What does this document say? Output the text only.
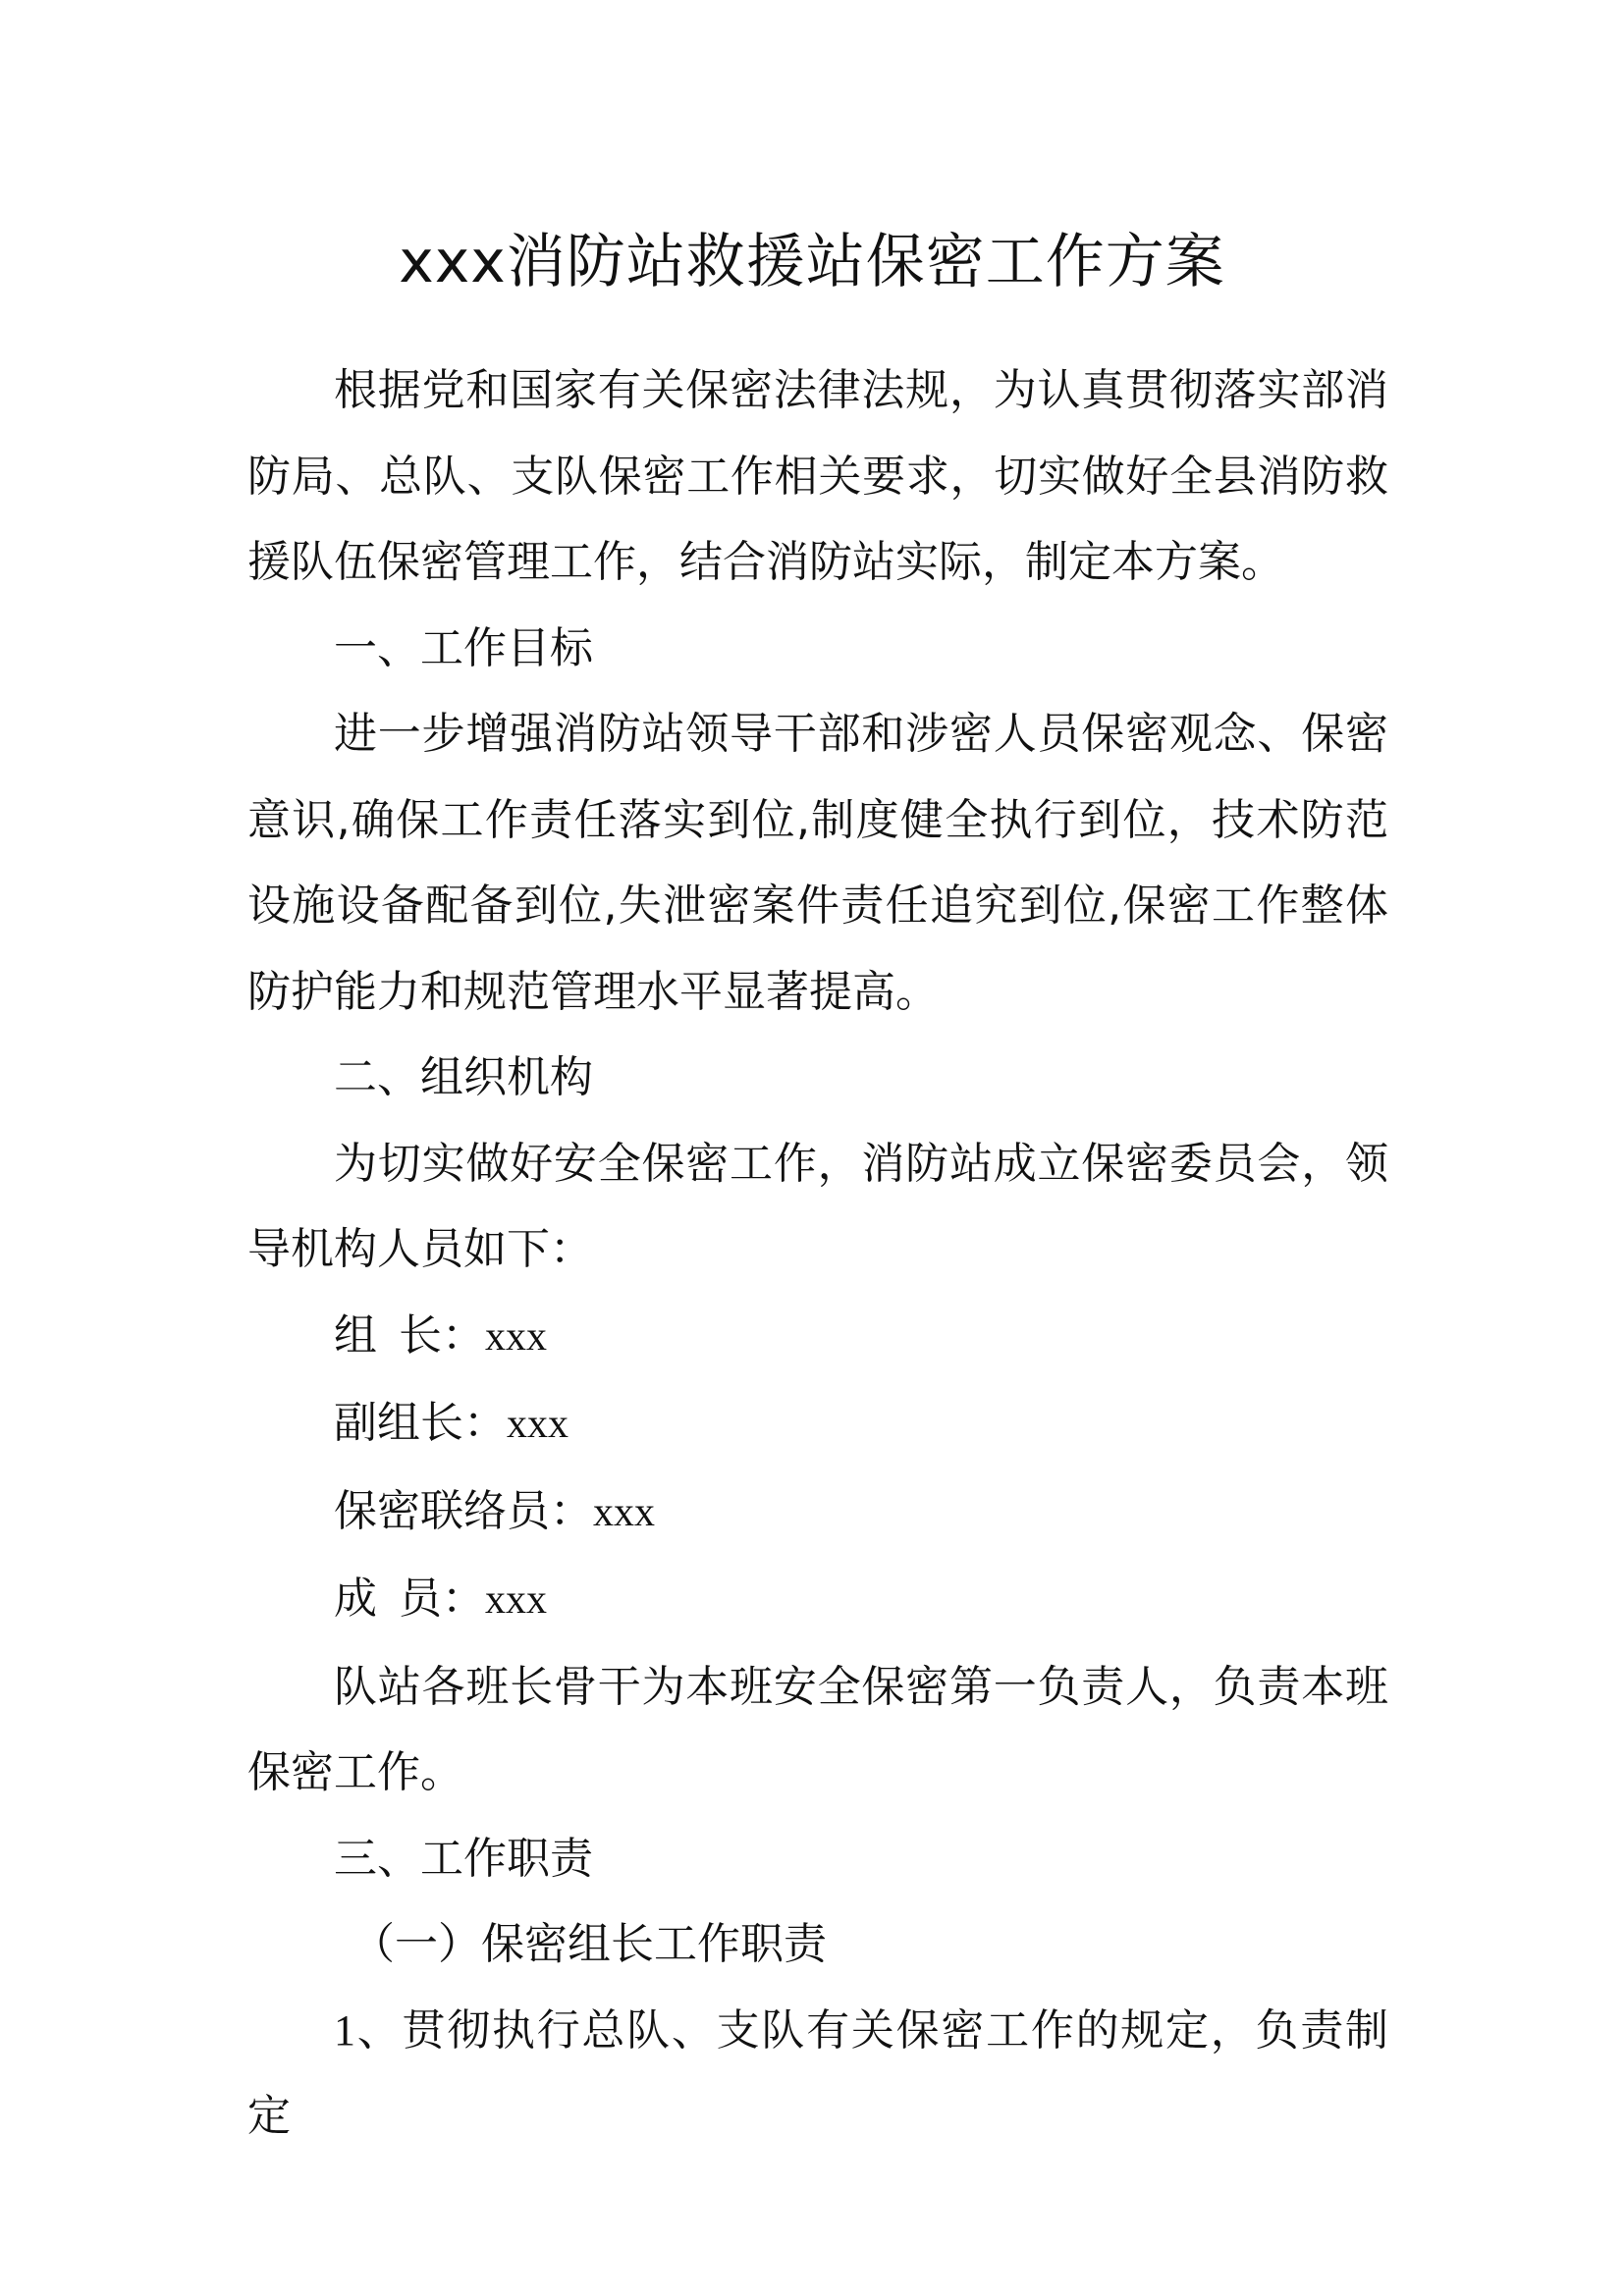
xxx消防站救援站保密工作方案

根据党和国家有关保密法律法规，为认真贯彻落实部消防局、总队、支队保密工作相关要求，切实做好全县消防救援队伍保密管理工作，结合消防站实际，制定本方案。

一、工作目标

进一步增强消防站领导干部和涉密人员保密观念、保密意识,确保工作责任落实到位,制度健全执行到位，技术防范设施设备配备到位,失泄密案件责任追究到位,保密工作整体防护能力和规范管理水平显著提高。

二、组织机构

为切实做好安全保密工作，消防站成立保密委员会，领导机构人员如下：

组长：xxx

副组长：xxx

保密联络员：xxx

成员：xxx

队站各班长骨干为本班安全保密第一负责人，负责本班保密工作。

三、工作职责

（一）保密组长工作职责

1、贯彻执行总队、支队有关保密工作的规定，负责制定
